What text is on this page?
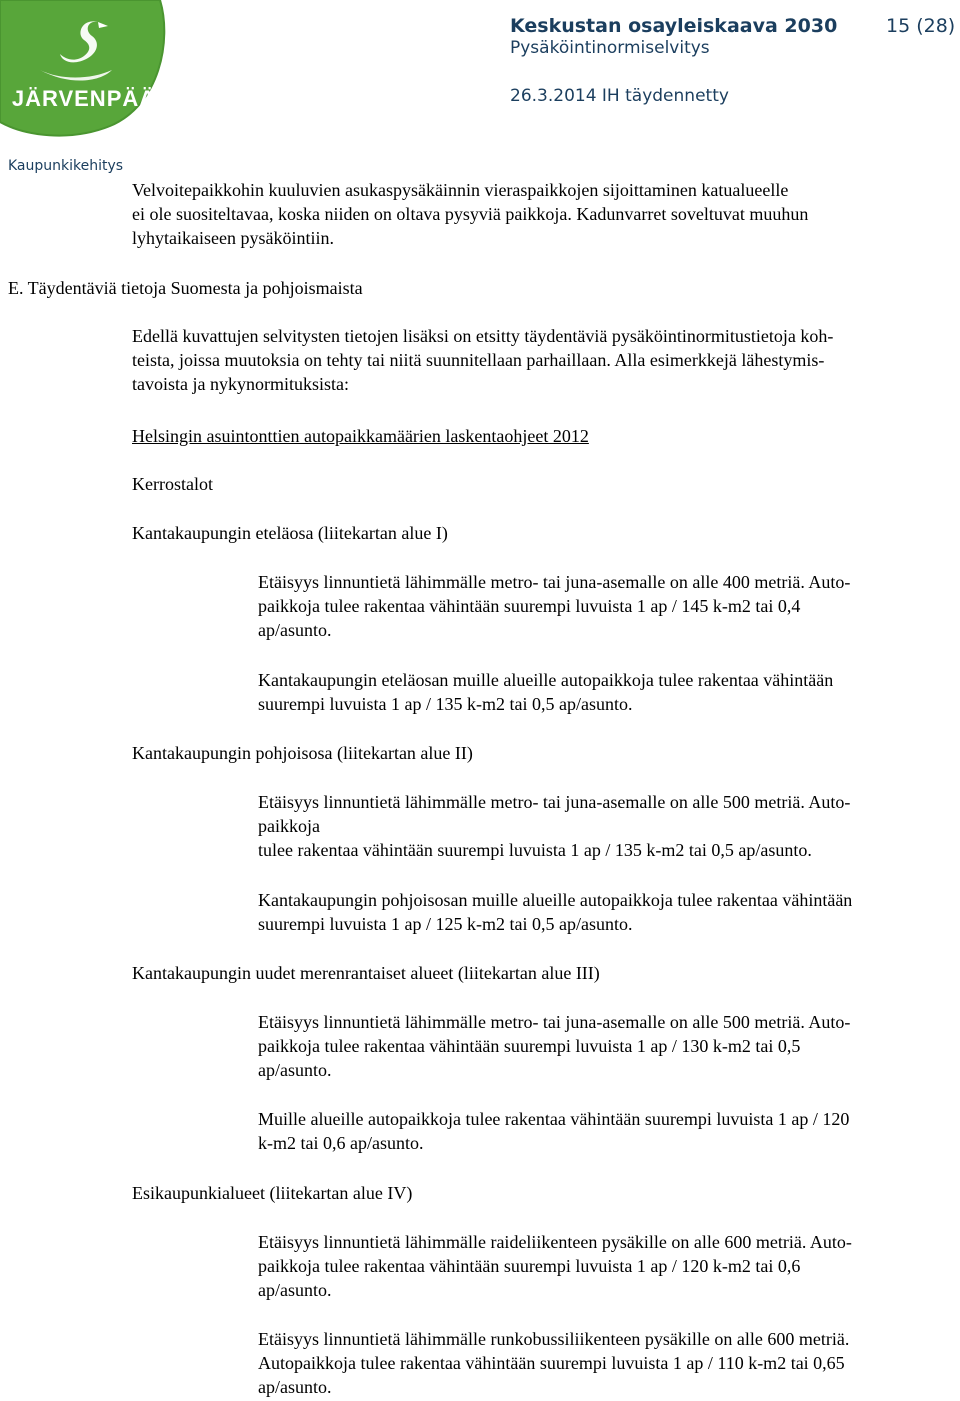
JÄRVENPÄÄ
Keskustan osayleiskaava 2030	15 (28)
Pysäköintinormiselvitys
26.3.2014 IH täydennetty
Kaupunkikehitys
Velvoitepaikkohin kuuluvien asukaspysäkäinnin vieraspaikkojen sijoittaminen katualueelle
ei ole suositeltavaa, koska niiden on oltava pysyviä paikkoja. Kadunvarret soveltuvat muuhun
lyhytaikaiseen pysäköintiin.
E. Täydentäviä tietoja Suomesta ja pohjoismaista
Edellä kuvattujen selvitysten tietojen lisäksi on etsitty täydentäviä pysäköintinormitustietoja koh-
teista, joissa muutoksia on tehty tai niitä suunnitellaan parhaillaan. Alla esimerkkejä lähestymis-
tavoista ja nykynormituksista:
Helsingin asuintonttien autopaikkamäärien laskentaohjeet 2012
Kerrostalot
Kantakaupungin eteläosa (liitekartan alue I)
Etäisyys linnuntietä lähimmälle metro- tai juna-asemalle on alle 400 metriä. Auto-
paikkoja tulee rakentaa vähintään suurempi luvuista 1 ap / 145 k-m2 tai 0,4
ap/asunto.
Kantakaupungin eteläosan muille alueille autopaikkoja tulee rakentaa vähintään
suurempi luvuista 1 ap / 135 k-m2 tai 0,5 ap/asunto.
Kantakaupungin pohjoisosa (liitekartan alue II)
Etäisyys linnuntietä lähimmälle metro- tai juna-asemalle on alle 500 metriä. Auto-
paikkoja
tulee rakentaa vähintään suurempi luvuista 1 ap / 135 k-m2 tai 0,5 ap/asunto.
Kantakaupungin pohjoisosan muille alueille autopaikkoja tulee rakentaa vähintään
suurempi luvuista 1 ap / 125 k-m2 tai 0,5 ap/asunto.
Kantakaupungin uudet merenrantaiset alueet (liitekartan alue III)
Etäisyys linnuntietä lähimmälle metro- tai juna-asemalle on alle 500 metriä. Auto-
paikkoja tulee rakentaa vähintään suurempi luvuista 1 ap / 130 k-m2 tai 0,5
ap/asunto.
Muille alueille autopaikkoja tulee rakentaa vähintään suurempi luvuista 1 ap / 120
k-m2 tai 0,6 ap/asunto.
Esikaupunkialueet (liitekartan alue IV)
Etäisyys linnuntietä lähimmälle raideliikenteen pysäkille on alle 600 metriä. Auto-
paikkoja tulee rakentaa vähintään suurempi luvuista 1 ap / 120 k-m2 tai 0,6
ap/asunto.
Etäisyys linnuntietä lähimmälle runkobussiliikenteen pysäkille on alle 600 metriä.
Autopaikkoja tulee rakentaa vähintään suurempi luvuista 1 ap / 110 k-m2 tai 0,65
ap/asunto.
